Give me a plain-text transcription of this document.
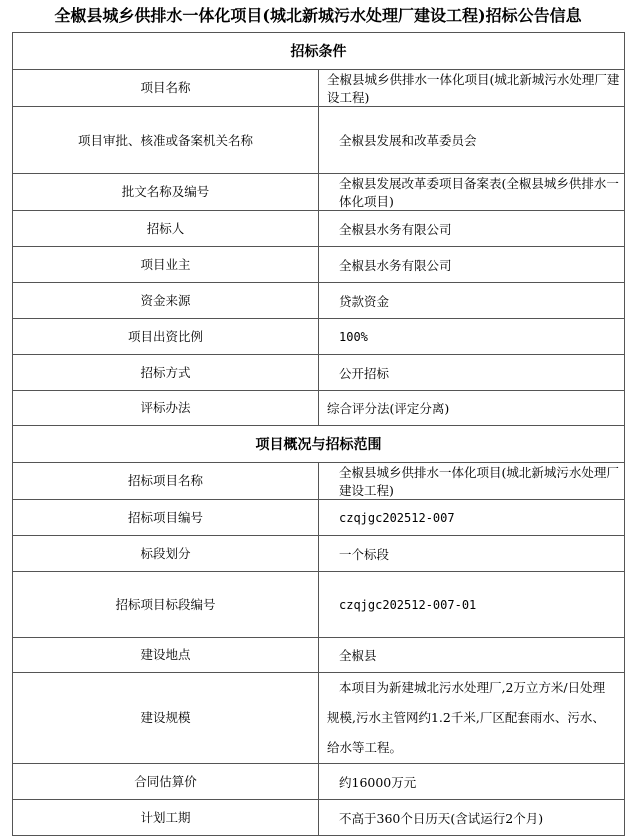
全椒县城乡供排水一体化项目(城北新城污水处理厂建设工程)招标公告信息
招标条件	
项目名称	全椒县城乡供排水一体化项目(城北新城污水处理厂建设工程)
项目审批、核准或备案机关名称	全椒县发展和改革委员会
批文名称及编号	全椒县发展改革委项目备案表(全椒县城乡供排水一体化项目)
招标人	全椒县水务有限公司
项目业主	全椒县水务有限公司
资金来源	贷款资金
项目出资比例	100%
招标方式	公开招标
评标办法	综合评分法(评定分离)
项目概况与招标范围	
招标项目名称	全椒县城乡供排水一体化项目(城北新城污水处理厂建设工程)
招标项目编号	czqjgc202512-007
标段划分	一个标段
招标项目标段编号	czqjgc202512-007-01
建设地点	全椒县
建设规模	本项目为新建城北污水处理厂,2万立方米/日处理规模,污水主管网约1.2千米,厂区配套雨水、污水、给水等工程。
合同估算价	约16000万元
计划工期	不高于360个日历天(含试运行2个月)
